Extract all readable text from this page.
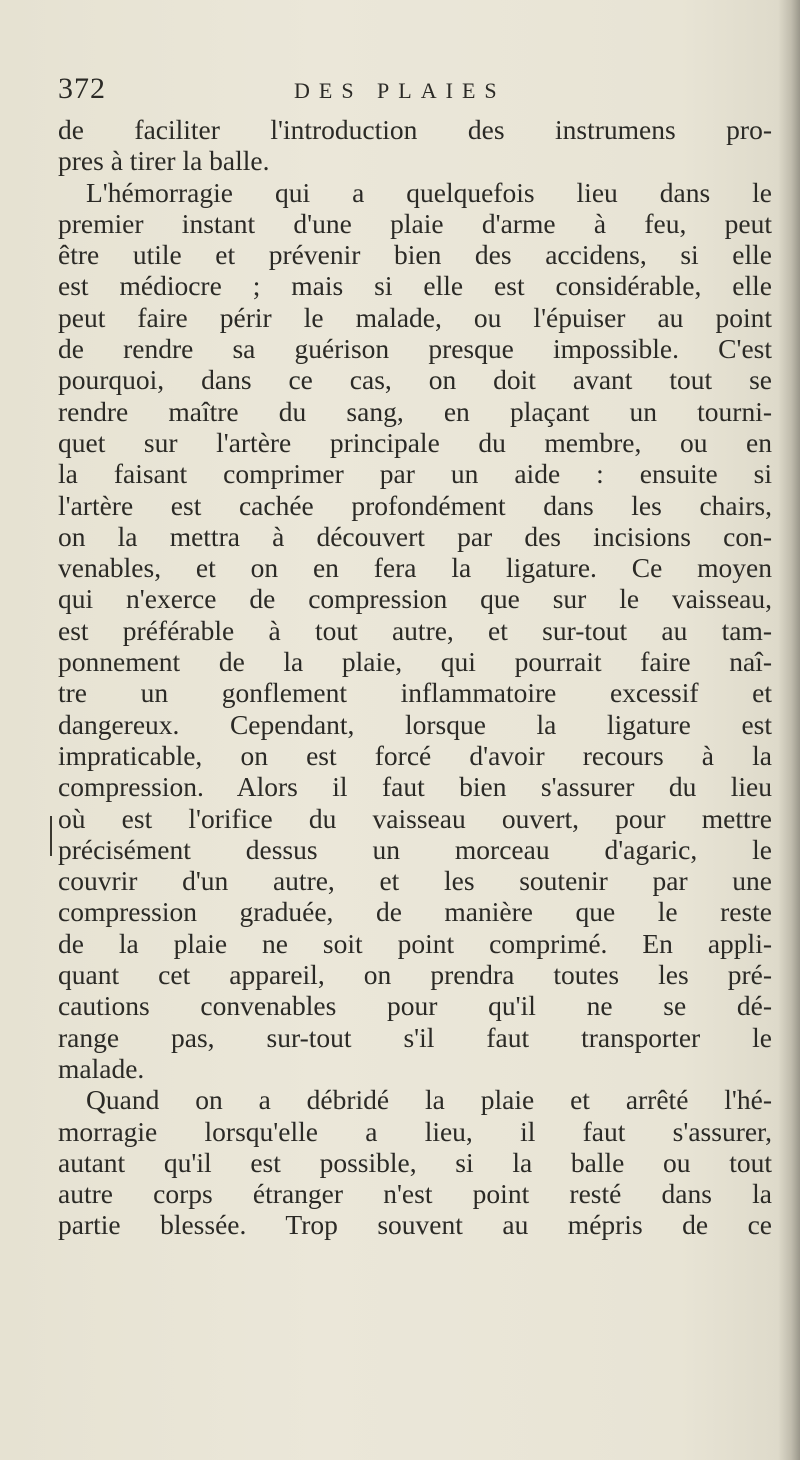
372	DES PLAIES
de faciliter l'introduction des instrumens pro-
pres à tirer la balle.
L'hémorragie qui a quelquefois lieu dans le
premier instant d'une plaie d'arme à feu, peut
être utile et prévenir bien des accidens, si elle
est médiocre ; mais si elle est considérable, elle
peut faire périr le malade, ou l'épuiser au point
de rendre sa guérison presque impossible. C'est
pourquoi, dans ce cas, on doit avant tout se
rendre maître du sang, en plaçant un tourni-
quet sur l'artère principale du membre, ou en
la faisant comprimer par un aide : ensuite si
l'artère est cachée profondément dans les chairs,
on la mettra à découvert par des incisions con-
venables, et on en fera la ligature. Ce moyen
qui n'exerce de compression que sur le vaisseau,
est préférable à tout autre, et sur-tout au tam-
ponnement de la plaie, qui pourrait faire naî-
tre un gonflement inflammatoire excessif et
dangereux. Cependant, lorsque la ligature est
impraticable, on est forcé d'avoir recours à la
compression. Alors il faut bien s'assurer du lieu
où est l'orifice du vaisseau ouvert, pour mettre
précisément dessus un morceau d'agaric, le
couvrir d'un autre, et les soutenir par une
compression graduée, de manière que le reste
de la plaie ne soit point comprimé. En appli-
quant cet appareil, on prendra toutes les pré-
cautions convenables pour qu'il ne se dé-
range pas, sur-tout s'il faut transporter le
malade.
Quand on a débridé la plaie et arrêté l'hé-
morragie lorsqu'elle a lieu, il faut s'assurer,
autant qu'il est possible, si la balle ou tout
autre corps étranger n'est point resté dans la
partie blessée. Trop souvent au mépris de ce
